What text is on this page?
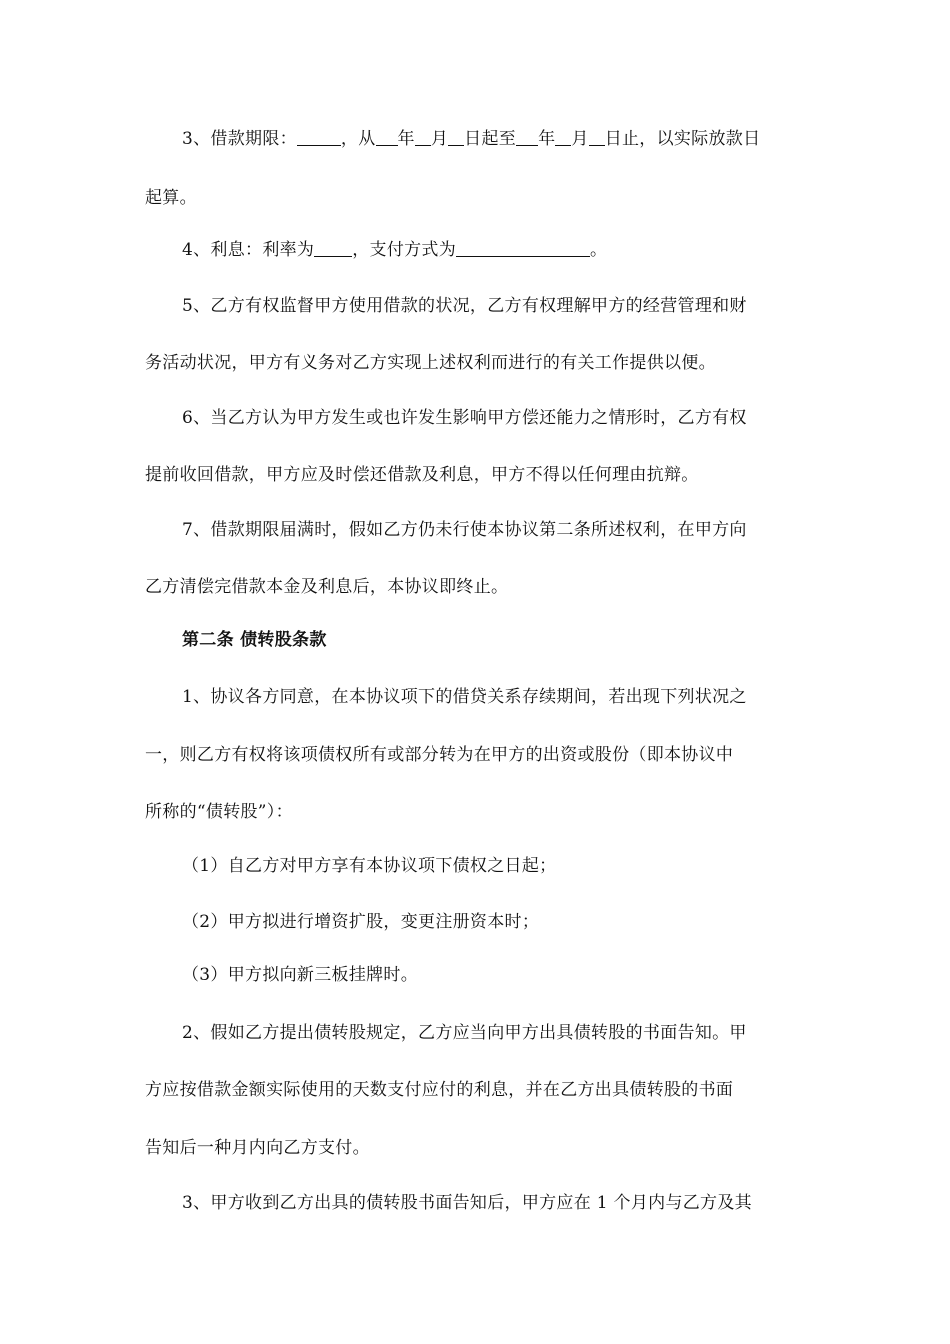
3、借款期限：	，从 年 月 日起至 年 月 日止，以实际放款日
起算。
4、利息：利率为 ，支付方式为	。
5、乙方有权监督甲方使用借款的状况，乙方有权理解甲方的经营管理和财
务活动状况，甲方有义务对乙方实现上述权利而进行的有关工作提供以便。
6、当乙方认为甲方发生或也许发生影响甲方偿还能力之情形时，乙方有权
提前收回借款，甲方应及时偿还借款及利息，甲方不得以任何理由抗辩。
7、借款期限届满时，假如乙方仍未行使本协议第二条所述权利，在甲方向
乙方清偿完借款本金及利息后，本协议即终止。
第二条 债转股条款
1、协议各方同意，在本协议项下的借贷关系存续期间，若出现下列状况之
一，则乙方有权将该项债权所有或部分转为在甲方的出资或股份（即本协议中
所称的“债转股”）：
（1）自乙方对甲方享有本协议项下债权之日起；
（2）甲方拟进行增资扩股，变更注册资本时；
（3）甲方拟向新三板挂牌时。
2、假如乙方提出债转股规定，乙方应当向甲方出具债转股的书面告知。甲
方应按借款金额实际使用的天数支付应付的利息，并在乙方出具债转股的书面
告知后一种月内向乙方支付。
3、甲方收到乙方出具的债转股书面告知后，甲方应在 1 个月内与乙方及其
